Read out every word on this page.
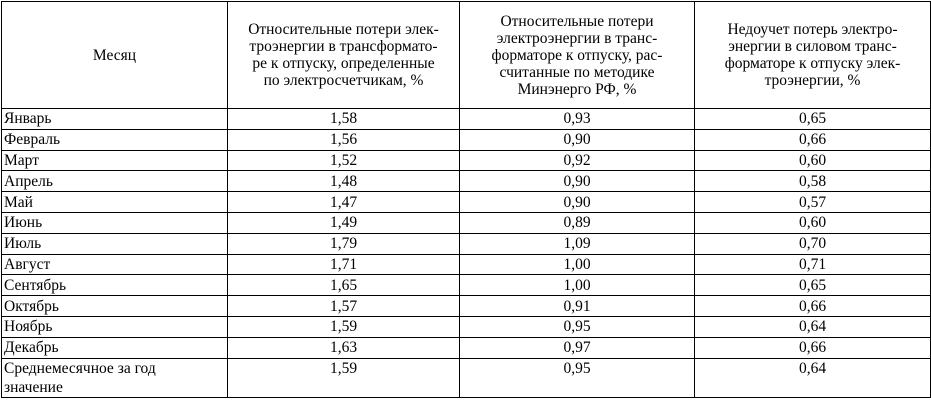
Месяц	Относительные потери элек-
троэнергии в трансформато-
ре к отпуску, определенные
по электросчетчикам, %	Относительные потери
электроэнергии в транс-
форматоре к отпуску, рас-
считанные по методике
Минэнерго РФ, %	Недоучет потерь электро-
энергии в силовом транс-
форматоре к отпуску элек-
троэнергии, %
Январь	1,58	0,93	0,65
Февраль	1,56	0,90	0,66
Март	1,52	0,92	0,60
Апрель	1,48	0,90	0,58
Май	1,47	0,90	0,57
Июнь	1,49	0,89	0,60
Июль	1,79	1,09	0,70
Август	1,71	1,00	0,71
Сентябрь	1,65	1,00	0,65
Октябрь	1,57	0,91	0,66
Ноябрь	1,59	0,95	0,64
Декабрь	1,63	0,97	0,66
Среднемесячное за год
значение	1,59	0,95	0,64
